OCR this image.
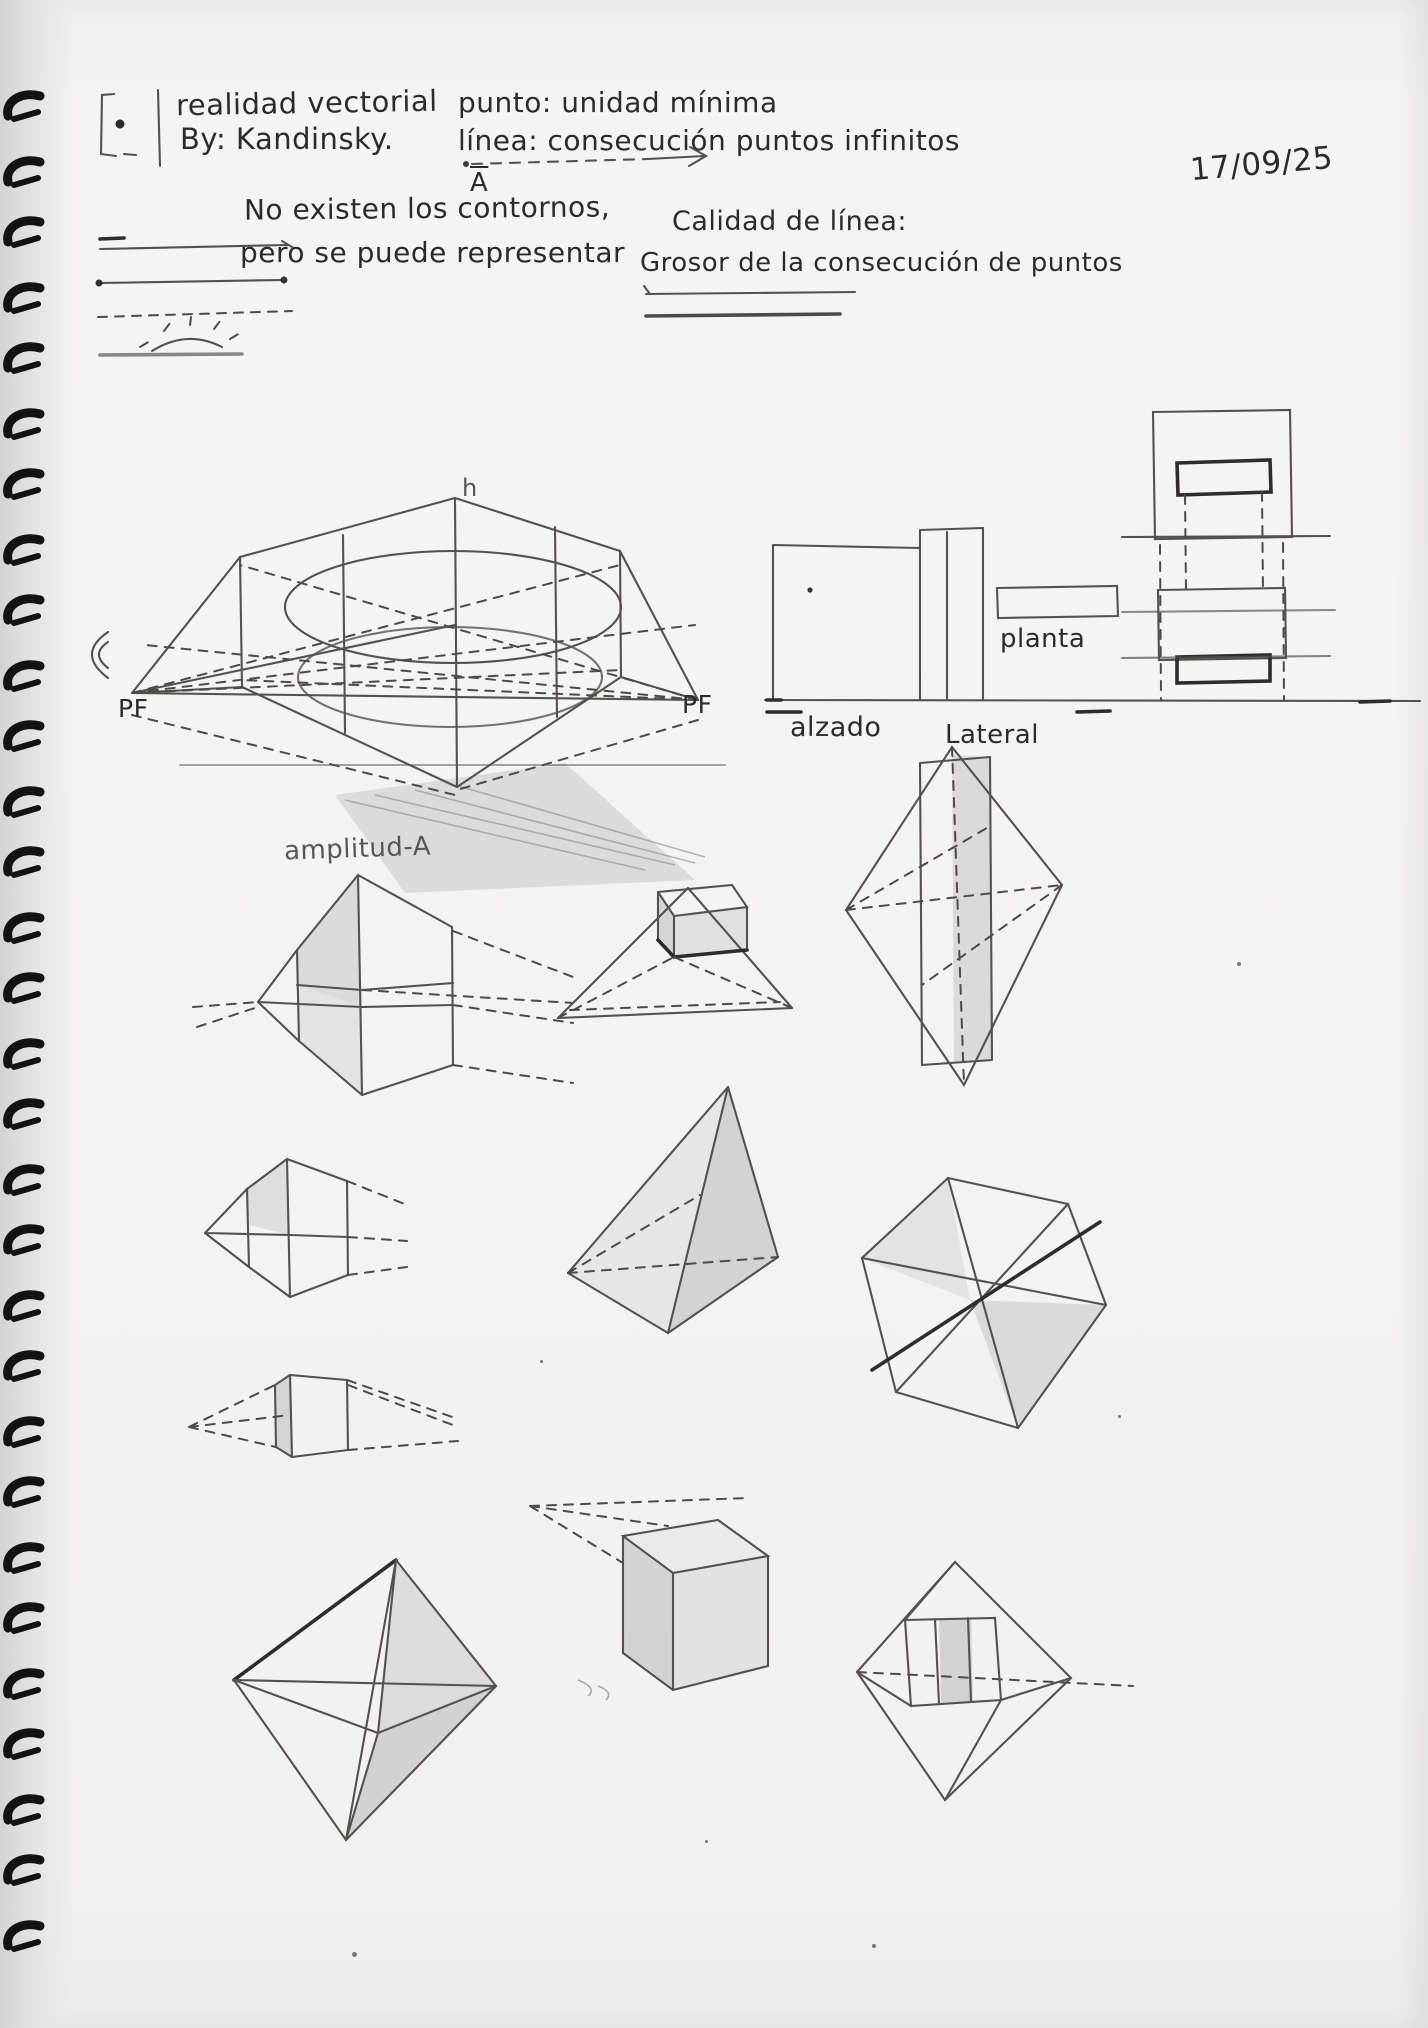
realidad vectorial
By: Kandinsky.
punto: unidad mínima
línea: consecución puntos infinitos
$\overline{A}$	17/09/25
No existen los contornos,
pero se puede representar
Calidad de línea:
Grosor de la consecución de puntos
h
PF	PF
amplitud-A
alzado Lateral
planta
